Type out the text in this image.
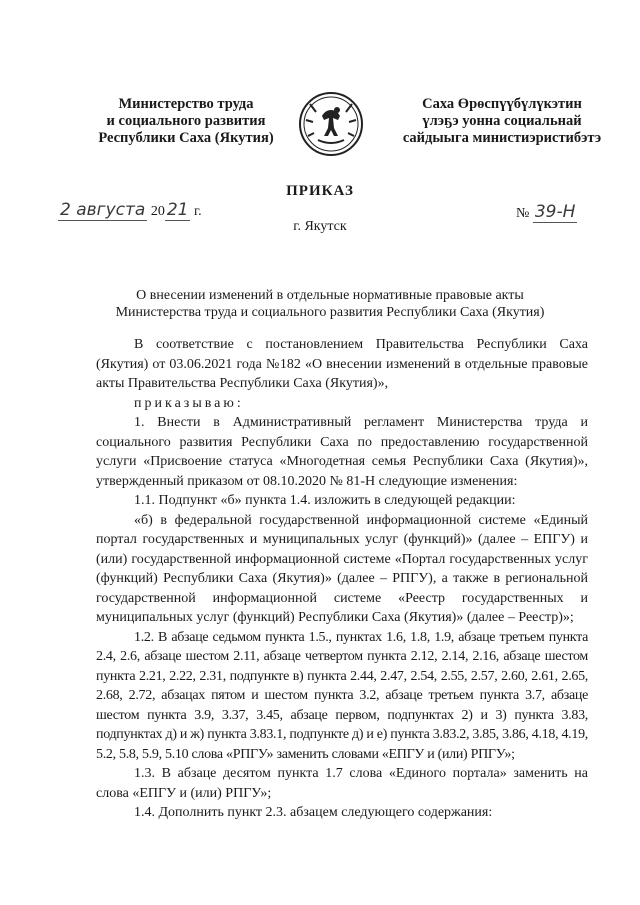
Министерство труда
и социального развития
Республики Саха (Якутия)
Саха Өрөспүүбүлүкэтин
үлэҕэ уонна социальнай
сайдыыга министиэристибэтэ
ПРИКАЗ
2 августа 20 21 г.	№ 39-Н
г. Якутск
О внесении изменений в отдельные нормативные правовые акты
Министерства труда и социального развития Республики Саха (Якутия)

В соответствие с постановлением Правительства Республики Саха (Якутия) от 03.06.2021 года №182 «О внесении изменений в отдельные правовые акты Правительства Республики Саха (Якутия)»,

приказываю:

1. Внести в Административный регламент Министерства труда и социального развития Республики Саха по предоставлению государственной услуги «Присвоение статуса «Многодетная семья Республики Саха (Якутия)», утвержденный приказом от 08.10.2020 № 81-Н следующие изменения:

1.1. Подпункт «б» пункта 1.4. изложить в следующей редакции:

«б) в федеральной государственной информационной системе «Единый портал государственных и муниципальных услуг (функций)» (далее – ЕПГУ) и (или) государственной информационной системе «Портал государственных услуг (функций) Республики Саха (Якутия)» (далее – РПГУ), а также в региональной государственной информационной системе «Реестр государственных и муниципальных услуг (функций) Республики Саха (Якутия)» (далее – Реестр)»;

1.2. В абзаце седьмом пункта 1.5., пунктах 1.6, 1.8, 1.9, абзаце третьем пункта 2.4, 2.6, абзаце шестом 2.11, абзаце четвертом пункта 2.12, 2.14, 2.16, абзаце шестом пункта 2.21, 2.22, 2.31, подпункте в) пункта 2.44, 2.47, 2.54, 2.55, 2.57, 2.60, 2.61, 2.65, 2.68, 2.72, абзацах пятом и шестом пункта 3.2, абзаце третьем пункта 3.7, абзаце шестом пункта 3.9, 3.37, 3.45, абзаце первом, подпунктах 2) и 3) пункта 3.83, подпунктах д) и ж) пункта 3.83.1, подпункте д) и е) пункта 3.83.2, 3.85, 3.86, 4.18, 4.19, 5.2, 5.8, 5.9, 5.10 слова «РПГУ» заменить словами «ЕПГУ и (или) РПГУ»;

1.3. В абзаце десятом пункта 1.7 слова «Единого портала» заменить на слова «ЕПГУ и (или) РПГУ»;

1.4. Дополнить пункт 2.3. абзацем следующего содержания:
